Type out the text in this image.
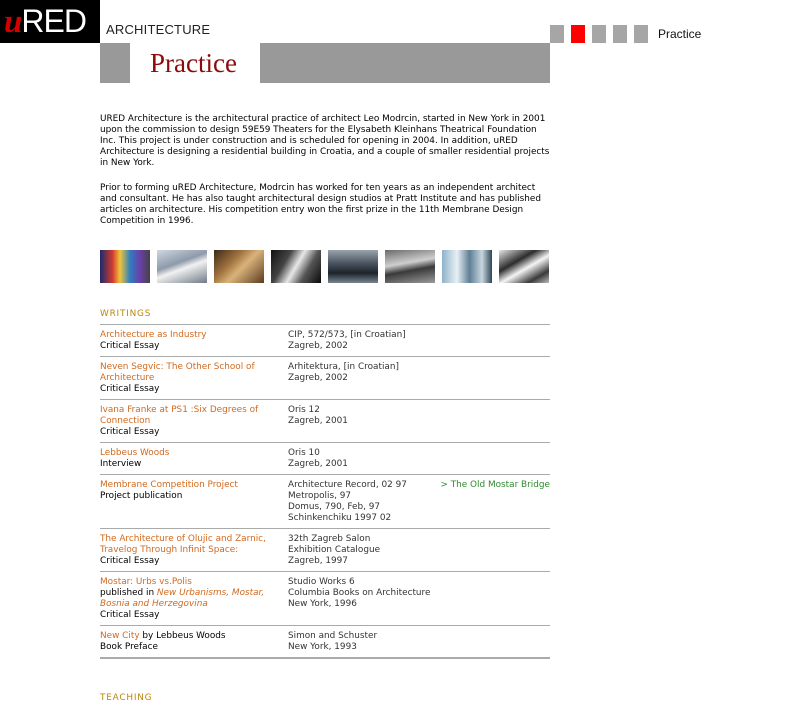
uRED	ARCHITECTURE	Practice
Practice

URED Architecture is the architectural practice of architect Leo Modrcin, started in New York in 2001 upon the commission to design 59E59 Theaters for the Elysabeth Kleinhans Theatrical Foundation Inc. This project is under construction and is scheduled for opening in 2004. In addition, uRED Architecture is designing a residential building in Croatia, and a couple of smaller residential projects in New York.

Prior to forming uRED Architecture, Modrcin has worked for ten years as an independent architect and consultant. He has also taught architectural design studios at Pratt Institute and has published articles on architecture. His competition entry won the first prize in the 11th Membrane Design Competition in 1996.

WRITINGS
Architecture as Industry
Critical Essay
CIP, 572/573, [in Croatian]
Zagreb, 2002
Neven Segvic: The Other School of Architecture
Critical Essay
Arhitektura, [in Croatian]
Zagreb, 2002
Ivana Franke at PS1 :Six Degrees of Connection
Critical Essay
Oris 12
Zagreb, 2001
Lebbeus Woods
Interview
Oris 10
Zagreb, 2001
Membrane Competition Project
Project publication
Architecture Record, 02 97
Metropolis, 97
Domus, 790, Feb, 97
Schinkenchiku 1997 02
> The Old Mostar Bridge
The Architecture of Olujic and Zarnic, Travelog Through Infinit Space:
Critical Essay
32th Zagreb Salon
Exhibition Catalogue
Zagreb, 1997
Mostar: Urbs vs.Polis
published in New Urbanisms, Mostar, Bosnia and Herzegovina
Critical Essay
Studio Works 6
Columbia Books on Architecture
New York, 1996
New City by Lebbeus Woods
Book Preface
Simon and Schuster
New York, 1993
TEACHING
